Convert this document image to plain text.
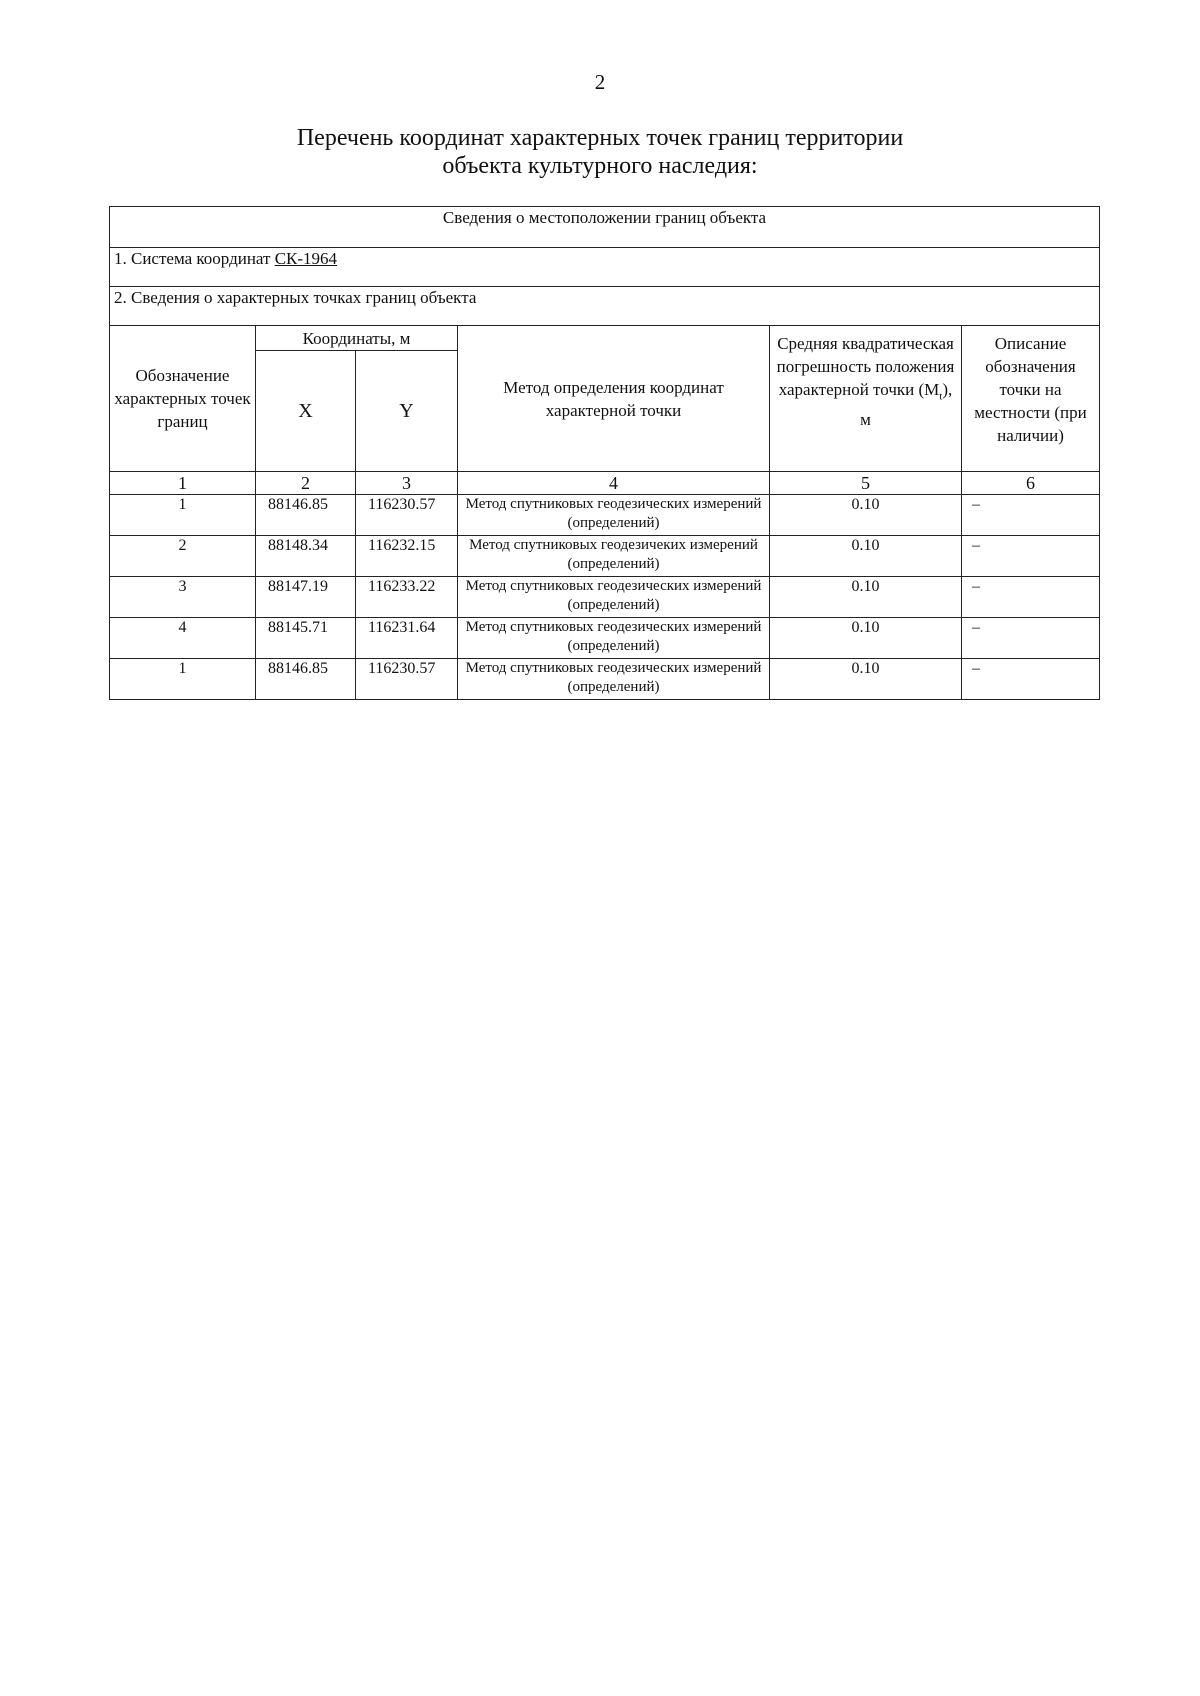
2
Перечень координат характерных точек границ территории
объекта культурного наследия:
Сведения о местоположении границ объекта					
1. Система координат СК-1964					
2. Сведения о характерных точках границ объекта					
Обозначение характерных точек границ	Координаты, м		Метод определения координат характерной точки	Средняя квадратическая погрешность положения характерной точки $(M_t)$, м	Описание обозначения точки на местности (при наличии)
	X	Y			
1	2	3	4	5	6
1	88146.85	116230.57	Метод спутниковых геодезических измерений (определений)	0.10	–
2	88148.34	116232.15	Метод спутниковых геодезичеких измерений (определений)	0.10	–
3	88147.19	116233.22	Метод спутниковых геодезических измерений (определений)	0.10	–
4	88145.71	116231.64	Метод спутниковых геодезических измерений (определений)	0.10	–
1	88146.85	116230.57	Метод спутниковых геодезических измерений (определений)	0.10	–
